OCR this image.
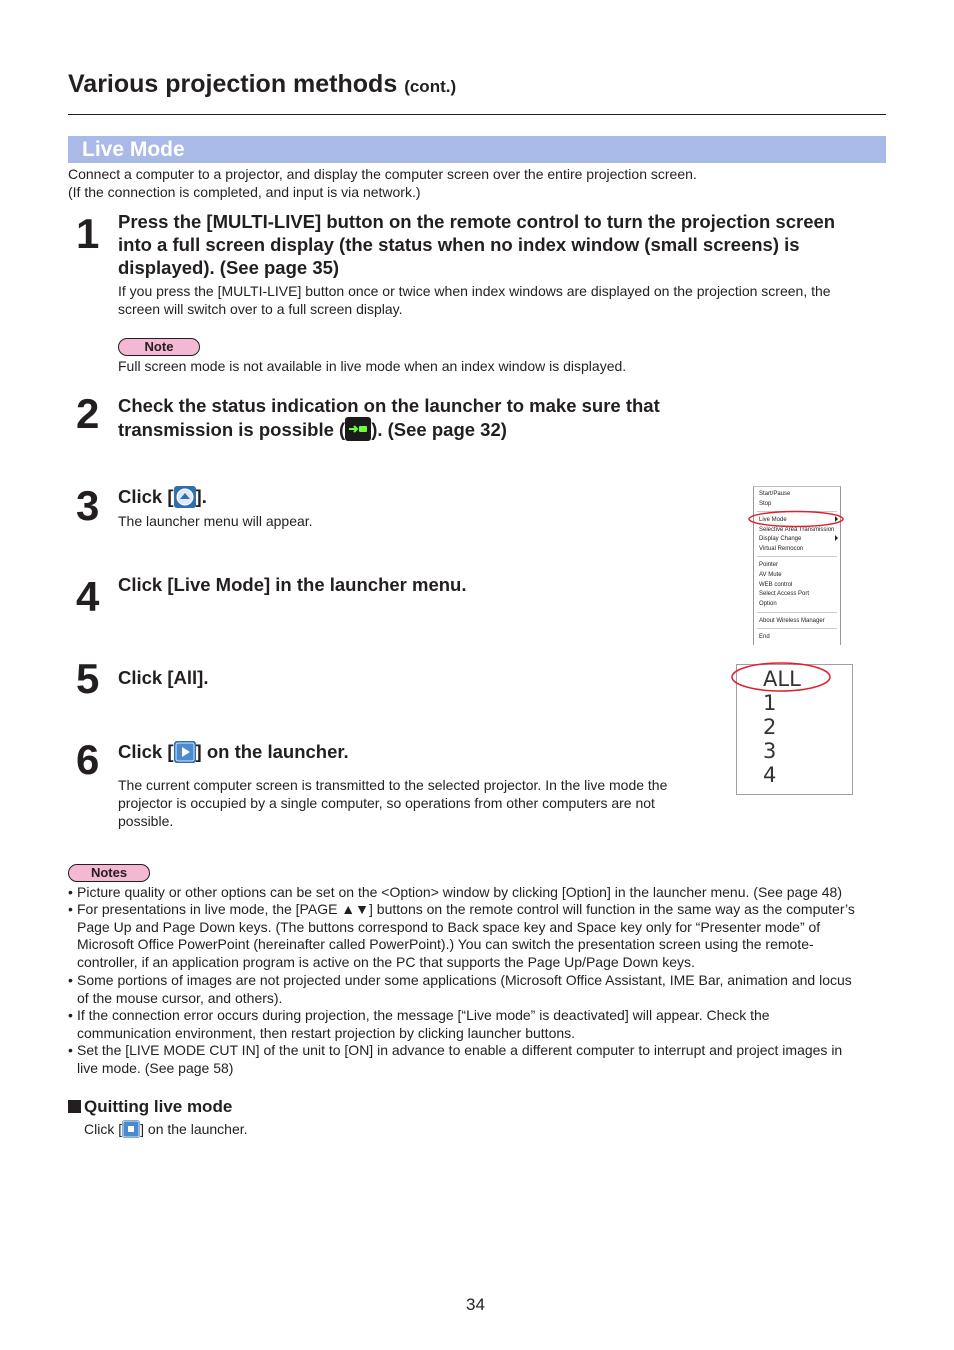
Various projection methods (cont.)
Live Mode
Connect a computer to a projector, and display the computer screen over the entire projection screen.
(If the connection is completed, and input is via network.)
1 Press the [MULTI-LIVE] button on the remote control to turn the projection screen
into a full screen display (the status when no index window (small screens) is
displayed). (See page 35)
If you press the [MULTI-LIVE] button once or twice when index windows are displayed on the projection screen, the
screen will switch over to a full screen display.
Note
Full screen mode is not available in live mode when an index window is displayed.
2 Check the status indication on the launcher to make sure that
transmission is possible ( ). (See page 32)
3 Click [ ].
The launcher menu will appear.
Start/Pause
Stop
Live Mode
Selective Area Transmission
Display Change
Virtual Remocon
Pointer
AV Mute
WEB control
Select Access Port
Option
About Wireless Manager
End
4 Click [Live Mode] in the launcher menu.
5 Click [All].	ALL
1
2
3
4
6 Click [ ] on the launcher.
The current computer screen is transmitted to the selected projector. In the live mode the
projector is occupied by a single computer, so operations from other computers are not
possible.
Notes
• Picture quality or other options can be set on the <Option> window by clicking [Option] in the launcher menu. (See page 48)
• For presentations in live mode, the [PAGE ▲▼] buttons on the remote control will function in the same way as the computer’s
Page Up and Page Down keys. (The buttons correspond to Back space key and Space key only for “Presenter mode” of
Microsoft Office PowerPoint (hereinafter called PowerPoint).) You can switch the presentation screen using the remote-
controller, if an application program is active on the PC that supports the Page Up/Page Down keys.
• Some portions of images are not projected under some applications (Microsoft Office Assistant, IME Bar, animation and locus
of the mouse cursor, and others).
• If the connection error occurs during projection, the message [“Live mode” is deactivated] will appear. Check the
communication environment, then restart projection by clicking launcher buttons.
• Set the [LIVE MODE CUT IN] of the unit to [ON] in advance to enable a different computer to interrupt and project images in
live mode. (See page 58)
Quitting live mode
Click [ ] on the launcher.
34
